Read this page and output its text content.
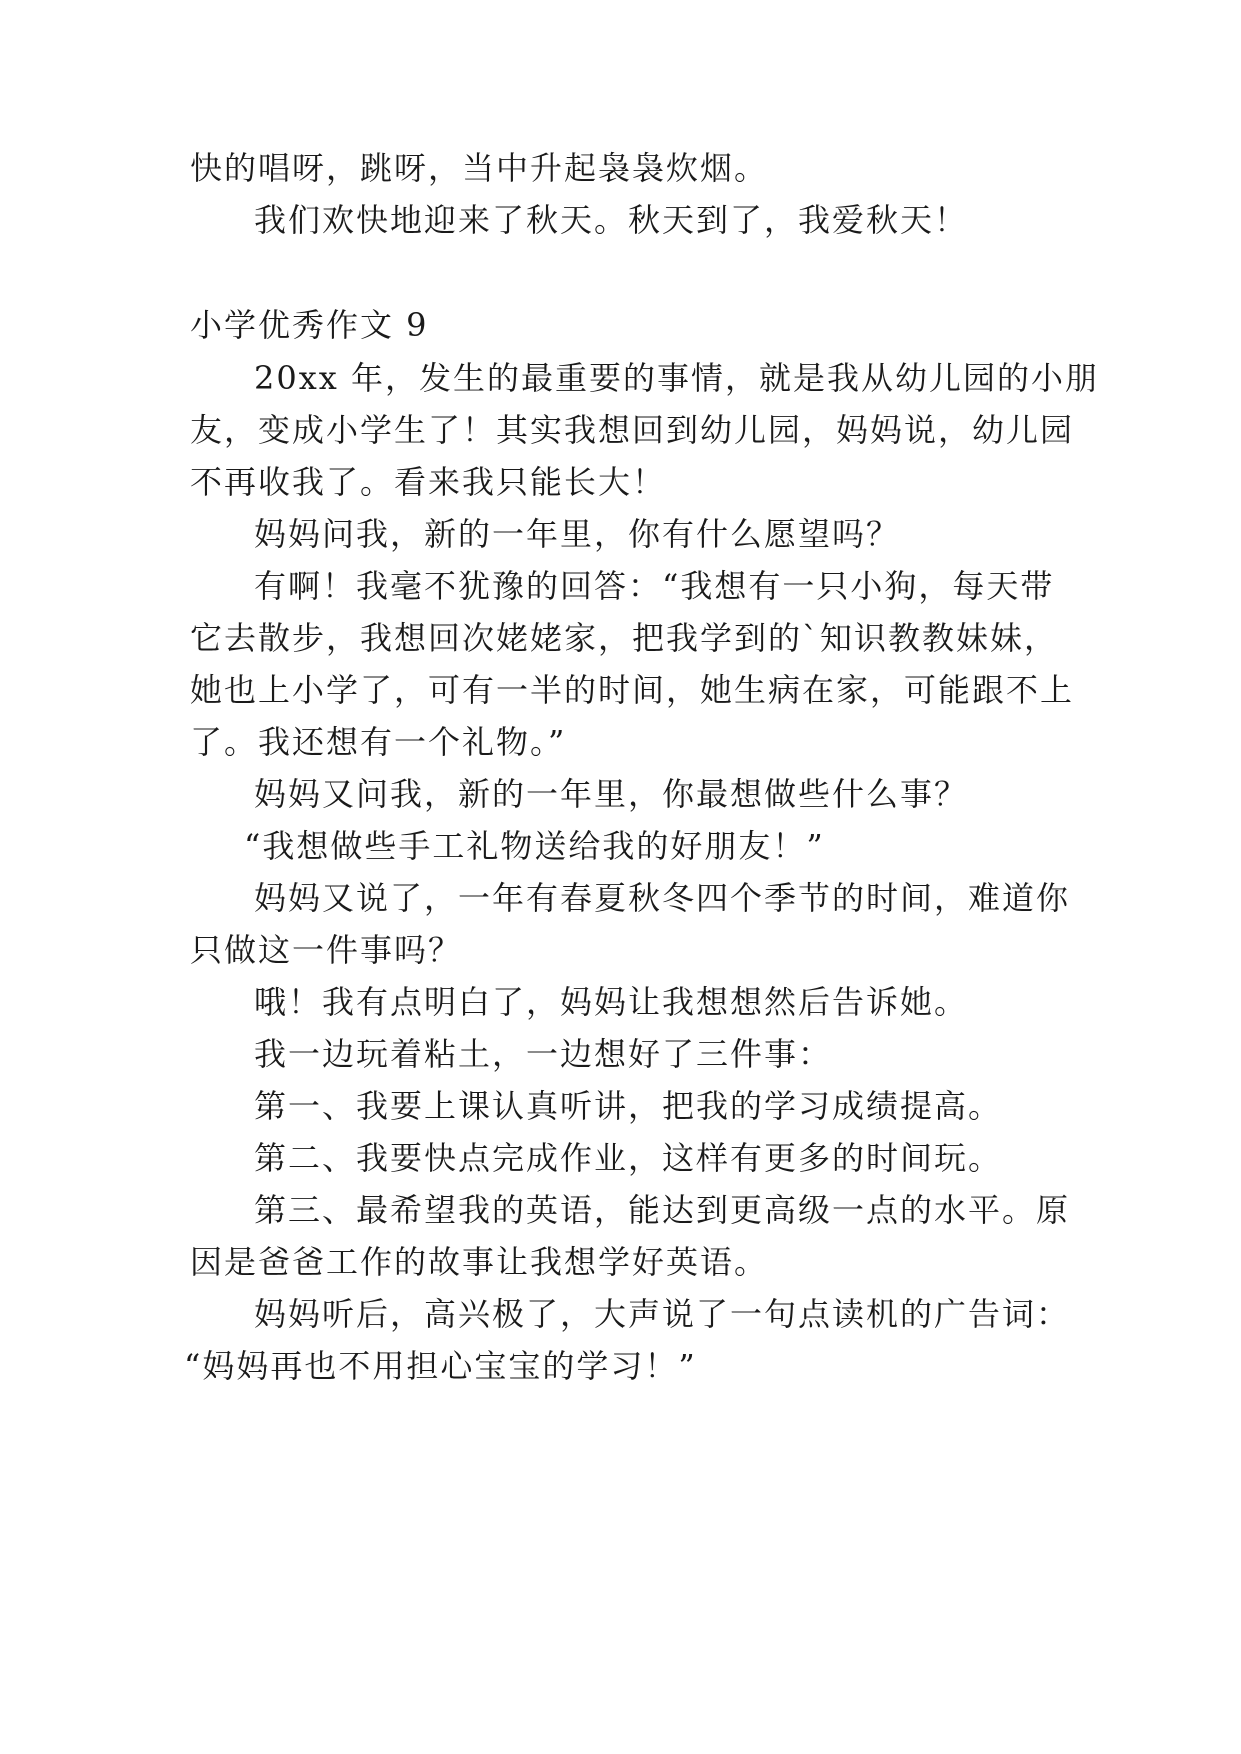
快的唱呀，跳呀，当中升起袅袅炊烟。
我们欢快地迎来了秋天。秋天到了，我爱秋天！
小学优秀作文 9
20xx 年，发生的最重要的事情，就是我从幼儿园的小朋
友，变成小学生了！其实我想回到幼儿园，妈妈说，幼儿园
不再收我了。看来我只能长大！
妈妈问我，新的一年里，你有什么愿望吗？
有啊！我毫不犹豫的回答：“我想有一只小狗，每天带
它去散步，我想回次姥姥家，把我学到的`知识教教妹妹，
她也上小学了，可有一半的时间，她生病在家，可能跟不上
了。我还想有一个礼物。”
妈妈又问我，新的一年里，你最想做些什么事？
“我想做些手工礼物送给我的好朋友！”
妈妈又说了，一年有春夏秋冬四个季节的时间，难道你
只做这一件事吗？
哦！我有点明白了，妈妈让我想想然后告诉她。
我一边玩着粘土，一边想好了三件事：
第一、我要上课认真听讲，把我的学习成绩提高。
第二、我要快点完成作业，这样有更多的时间玩。
第三、最希望我的英语，能达到更高级一点的水平。原
因是爸爸工作的故事让我想学好英语。
妈妈听后，高兴极了，大声说了一句点读机的广告词：
“妈妈再也不用担心宝宝的学习！”
